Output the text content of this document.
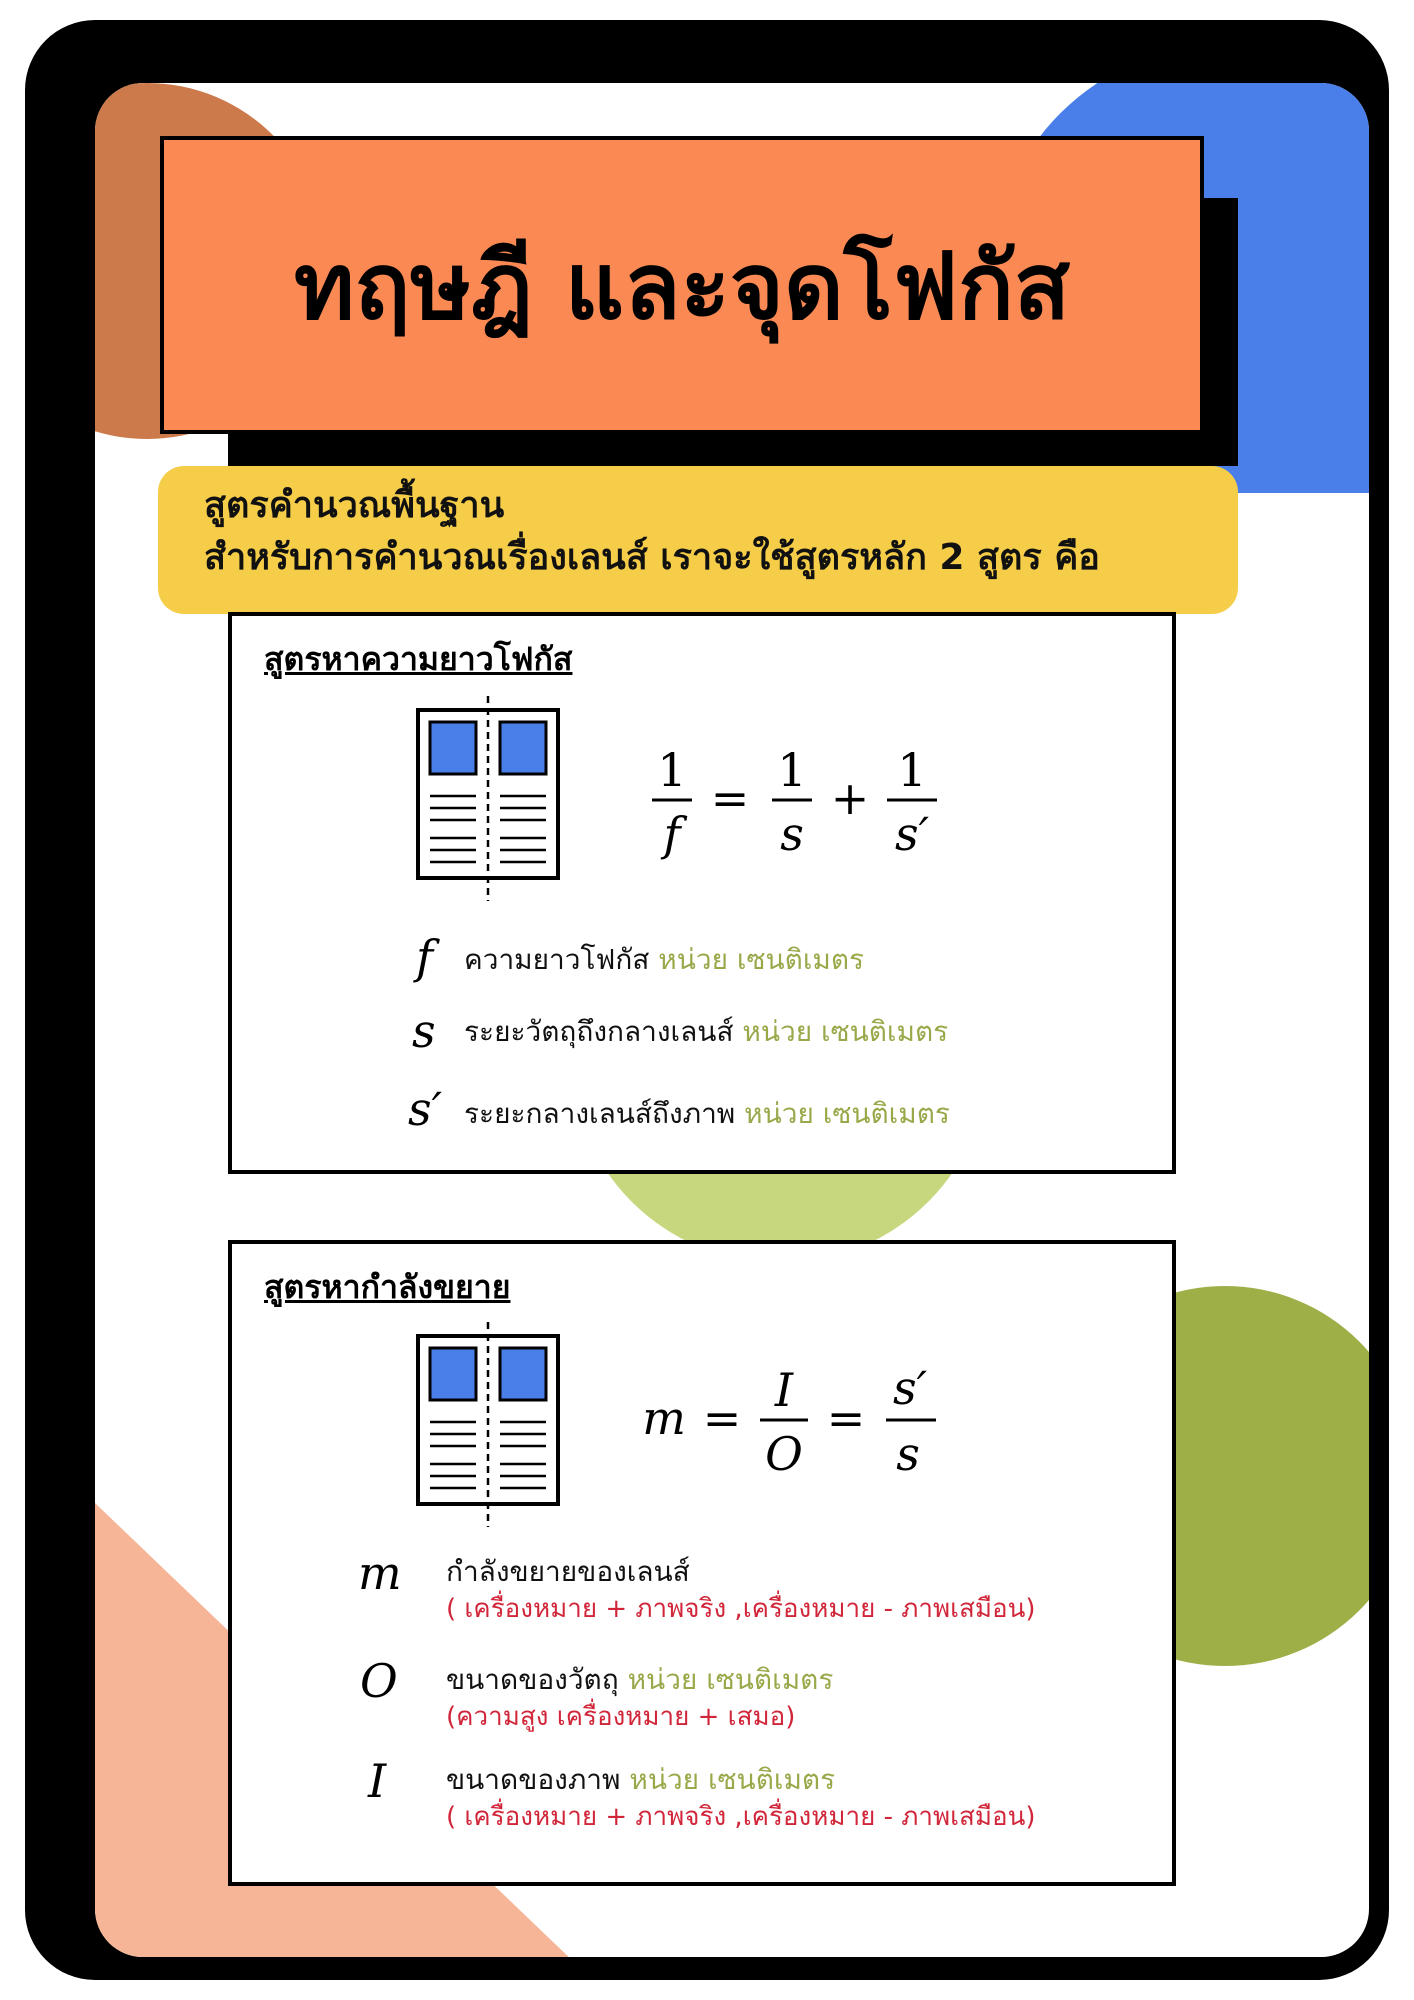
ทฤษฎี และจุดโฟกัส
สูตรคำนวณพื้นฐาน
สำหรับการคำนวณเรื่องเลนส์ เราจะใช้สูตรหลัก 2 สูตร คือ
สูตรหาความยาวโฟกัส
1
f
=
1
s
+
1
s′
f ความยาวโฟกัส หน่วย เซนติเมตร
s ระยะวัตถุถึงกลางเลนส์ หน่วย เซนติเมตร
s′ ระยะกลางเลนส์ถึงภาพ หน่วย เซนติเมตร
สูตรหากำลังขยาย
m =
I
O
=
s′
s
m กำลังขยายของเลนส์
( เครื่องหมาย + ภาพจริง ,เครื่องหมาย - ภาพเสมือน)
O ขนาดของวัตถุ หน่วย เซนติเมตร
(ความสูง เครื่องหมาย + เสมอ)
I ขนาดของภาพ หน่วย เซนติเมตร
( เครื่องหมาย + ภาพจริง ,เครื่องหมาย - ภาพเสมือน)
